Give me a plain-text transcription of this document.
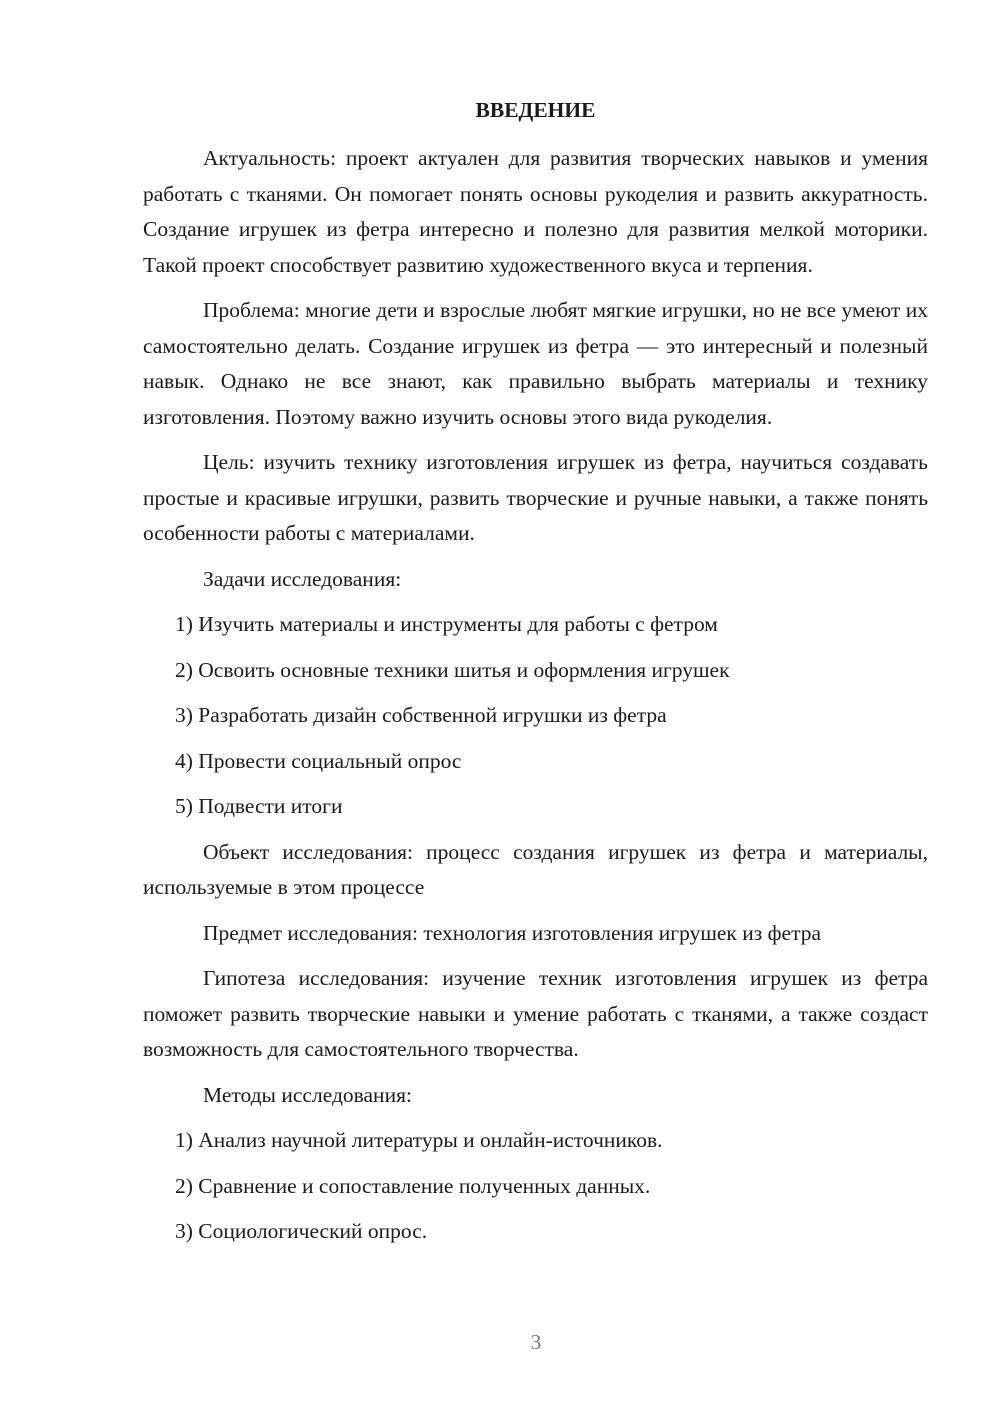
ВВЕДЕНИЕ

Актуальность: проект актуален для развития творческих навыков и умения работать с тканями. Он помогает понять основы рукоделия и развить аккуратность. Создание игрушек из фетра интересно и полезно для развития мелкой моторики. Такой проект способствует развитию художественного вкуса и терпения.

Проблема: многие дети и взрослые любят мягкие игрушки, но не все умеют их самостоятельно делать. Создание игрушек из фетра — это интересный и полезный навык. Однако не все знают, как правильно выбрать материалы и технику изготовления. Поэтому важно изучить основы этого вида рукоделия.

Цель: изучить технику изготовления игрушек из фетра, научиться создавать простые и красивые игрушки, развить творческие и ручные навыки, а также понять особенности работы с материалами.

Задачи исследования:

1) Изучить материалы и инструменты для работы с фетром
2) Освоить основные техники шитья и оформления игрушек
3) Разработать дизайн собственной игрушки из фетра
4) Провести социальный опрос
5) Подвести итоги

Объект исследования: процесс создания игрушек из фетра и материалы, используемые в этом процессе

Предмет исследования: технология изготовления игрушек из фетра

Гипотеза исследования: изучение техник изготовления игрушек из фетра поможет развить творческие навыки и умение работать с тканями, а также создаст возможность для самостоятельного творчества.

Методы исследования:

1) Анализ научной литературы и онлайн-источников.
2) Сравнение и сопоставление полученных данных.
3) Социологический опрос.
3
